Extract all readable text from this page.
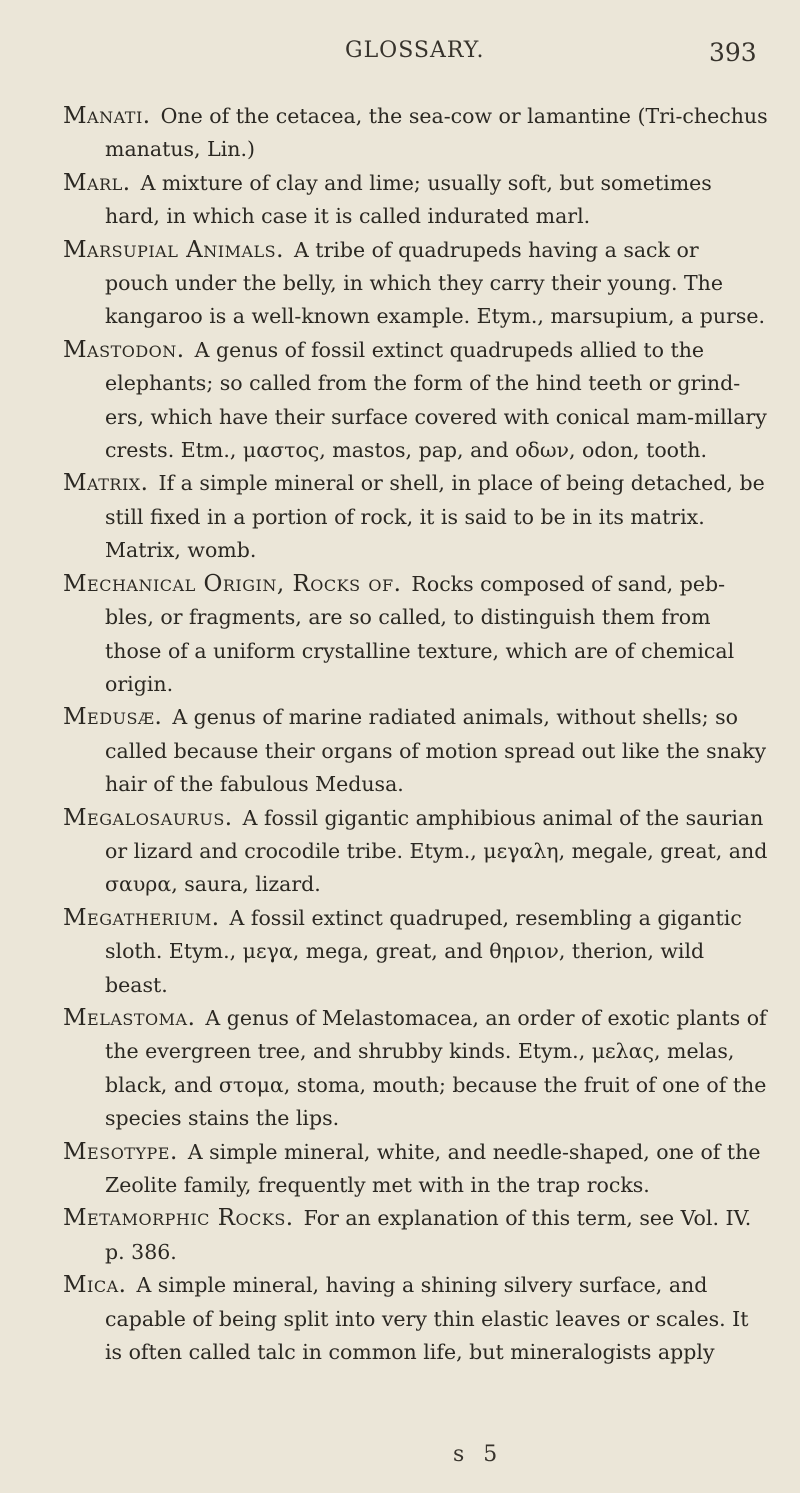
GLOSSARY.	393

Manati. One of the cetacea, the sea-cow or lamantine (Tri-chechus manatus, Lin.)

Marl. A mixture of clay and lime; usually soft, but sometimes hard, in which case it is called indurated marl.

Marsupial Animals. A tribe of quadrupeds having a sack or pouch under the belly, in which they carry their young. The kangaroo is a well-known example. Etym., marsupium, a purse.

Mastodon. A genus of fossil extinct quadrupeds allied to the elephants; so called from the form of the hind teeth or grind-ers, which have their surface covered with conical mam-millary crests. Etm., μαστος, mastos, pap, and οδων, odon, tooth.

Matrix. If a simple mineral or shell, in place of being detached, be still fixed in a portion of rock, it is said to be in its matrix. Matrix, womb.

Mechanical Origin, Rocks of. Rocks composed of sand, peb-bles, or fragments, are so called, to distinguish them from those of a uniform crystalline texture, which are of chemical origin.

Medusæ. A genus of marine radiated animals, without shells; so called because their organs of motion spread out like the snaky hair of the fabulous Medusa.

Megalosaurus. A fossil gigantic amphibious animal of the saurian or lizard and crocodile tribe. Etym., μεγαλη, megale, great, and σαυρα, saura, lizard.

Megatherium. A fossil extinct quadruped, resembling a gigantic sloth. Etym., μεγα, mega, great, and θηριον, therion, wild beast.

Melastoma. A genus of Melastomacea, an order of exotic plants of the evergreen tree, and shrubby kinds. Etym., μελας, melas, black, and στομα, stoma, mouth; because the fruit of one of the species stains the lips.

Mesotype. A simple mineral, white, and needle-shaped, one of the Zeolite family, frequently met with in the trap rocks.

Metamorphic Rocks. For an explanation of this term, see Vol. IV. p. 386.

Mica. A simple mineral, having a shining silvery surface, and capable of being split into very thin elastic leaves or scales. It is often called talc in common life, but mineralogists apply

s 5
